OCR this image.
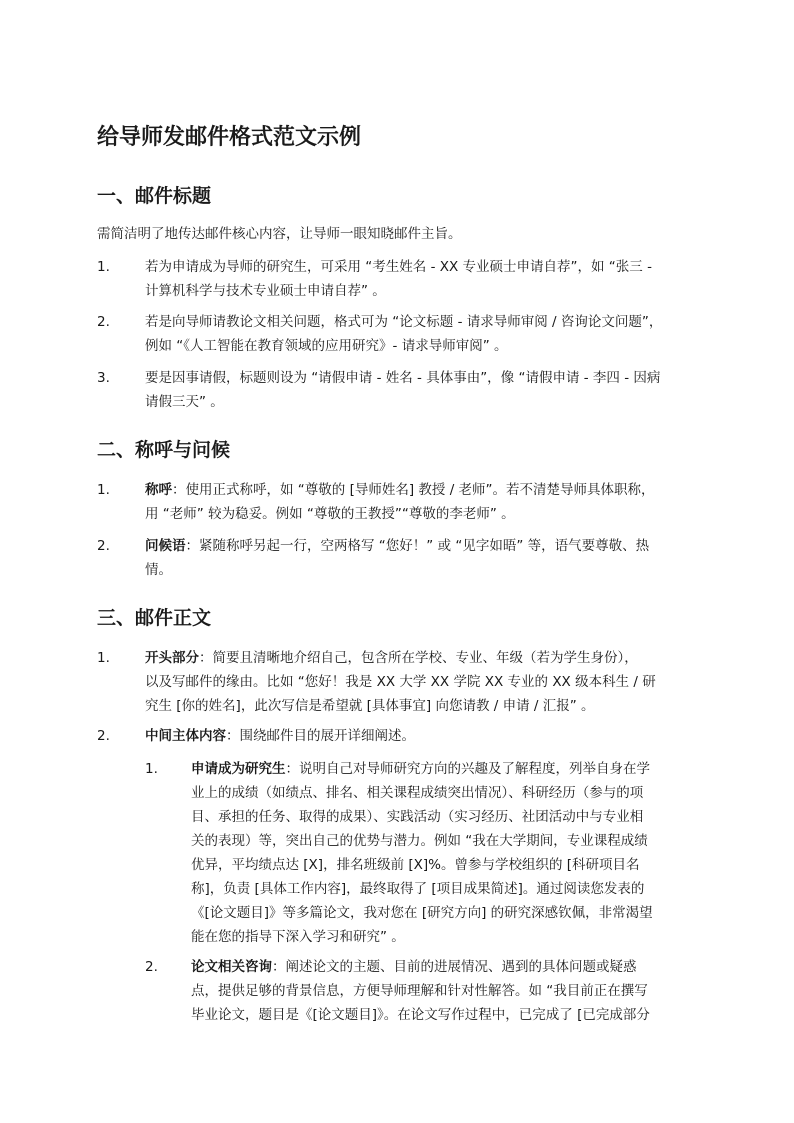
给导师发邮件格式范文示例
一、邮件标题

需简洁明了地传达邮件核心内容，让导师一眼知晓邮件主旨。

1.	若为申请成为导师的研究生，可采用 “考生姓名 - XX 专业硕士申请自荐”，如 “张三 -
计算机科学与技术专业硕士申请自荐” 。
2.	若是向导师请教论文相关问题，格式可为 “论文标题 - 请求导师审阅 / 咨询论文问题”，
例如 “《人工智能在教育领域的应用研究》- 请求导师审阅” 。
3.	要是因事请假，标题则设为 “请假申请 - 姓名 - 具体事由”，像 “请假申请 - 李四 - 因病
请假三天” 。
二、称呼与问候
1.	称呼：使用正式称呼，如 “尊敬的 [导师姓名] 教授 / 老师”。若不清楚导师具体职称，
用 “老师” 较为稳妥。例如 “尊敬的王教授”“尊敬的李老师” 。
2.	问候语：紧随称呼另起一行，空两格写 “您好！” 或 “见字如晤” 等，语气要尊敬、热
情。
三、邮件正文
1.	开头部分：简要且清晰地介绍自己，包含所在学校、专业、年级（若为学生身份），
以及写邮件的缘由。比如 “您好！我是 XX 大学 XX 学院 XX 专业的 XX 级本科生 / 研
究生 [你的姓名]，此次写信是希望就 [具体事宜] 向您请教 / 申请 / 汇报” 。
2.	中间主体内容：围绕邮件目的展开详细阐述。
1. 申请成为研究生：说明自己对导师研究方向的兴趣及了解程度，列举自身在学
业上的成绩（如绩点、排名、相关课程成绩突出情况）、科研经历（参与的项
目、承担的任务、取得的成果）、实践活动（实习经历、社团活动中与专业相
关的表现）等，突出自己的优势与潜力。例如 “我在大学期间，专业课程成绩
优异，平均绩点达 [X]，排名班级前 [X]%。曾参与学校组织的 [科研项目名
称]，负责 [具体工作内容]，最终取得了 [项目成果简述]。通过阅读您发表的
《[论文题目]》等多篇论文，我对您在 [研究方向] 的研究深感钦佩，非常渴望
能在您的指导下深入学习和研究” 。
2. 论文相关咨询：阐述论文的主题、目前的进展情况、遇到的具体问题或疑惑
点，提供足够的背景信息，方便导师理解和针对性解答。如 “我目前正在撰写
毕业论文，题目是《[论文题目]》。在论文写作过程中，已完成了 [已完成部分
